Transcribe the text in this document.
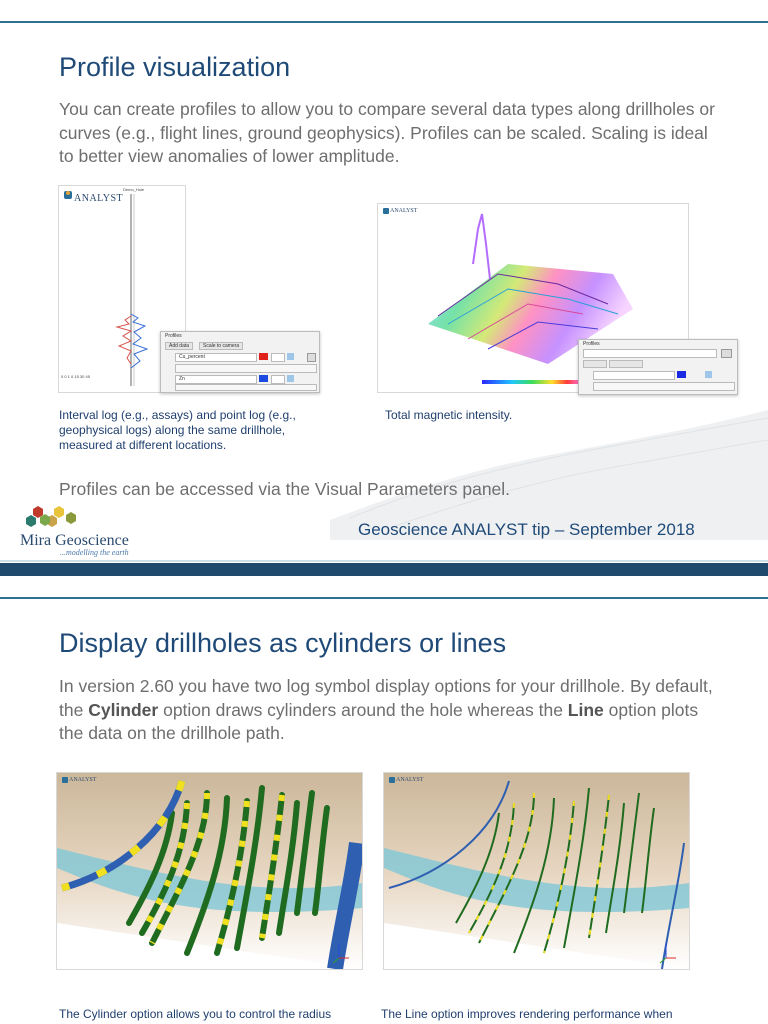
Profile visualization
You can create profiles to allow you to compare several data types along drillholes or curves (e.g., flight lines, ground geophysics). Profiles can be scaled. Scaling is ideal to better view anomalies of lower amplitude.
Demo_Hole
0 0 1 0 15 30 45
ANALYST
Profiles
Add data	Scale to camera
Cu_percent
Zn
Interval log (e.g., assays) and point log (e.g., geophysical logs) along the same drillhole, measured at different locations.
ANALYST
Profiles
Total magnetic intensity.
Profiles can be accessed via the Visual Parameters panel.
Mira Geoscience
...modelling the earth
Geoscience ANALYST tip – September 2018
Display drillholes as cylinders or lines
In version 2.60 you have two log symbol display options for your drillhole. By default, the Cylinder option draws cylinders around the hole whereas the Line option plots the data on the drillhole path.
ANALYST	ANALYST
The Cylinder option allows you to control the radius	The Line option improves rendering performance when
